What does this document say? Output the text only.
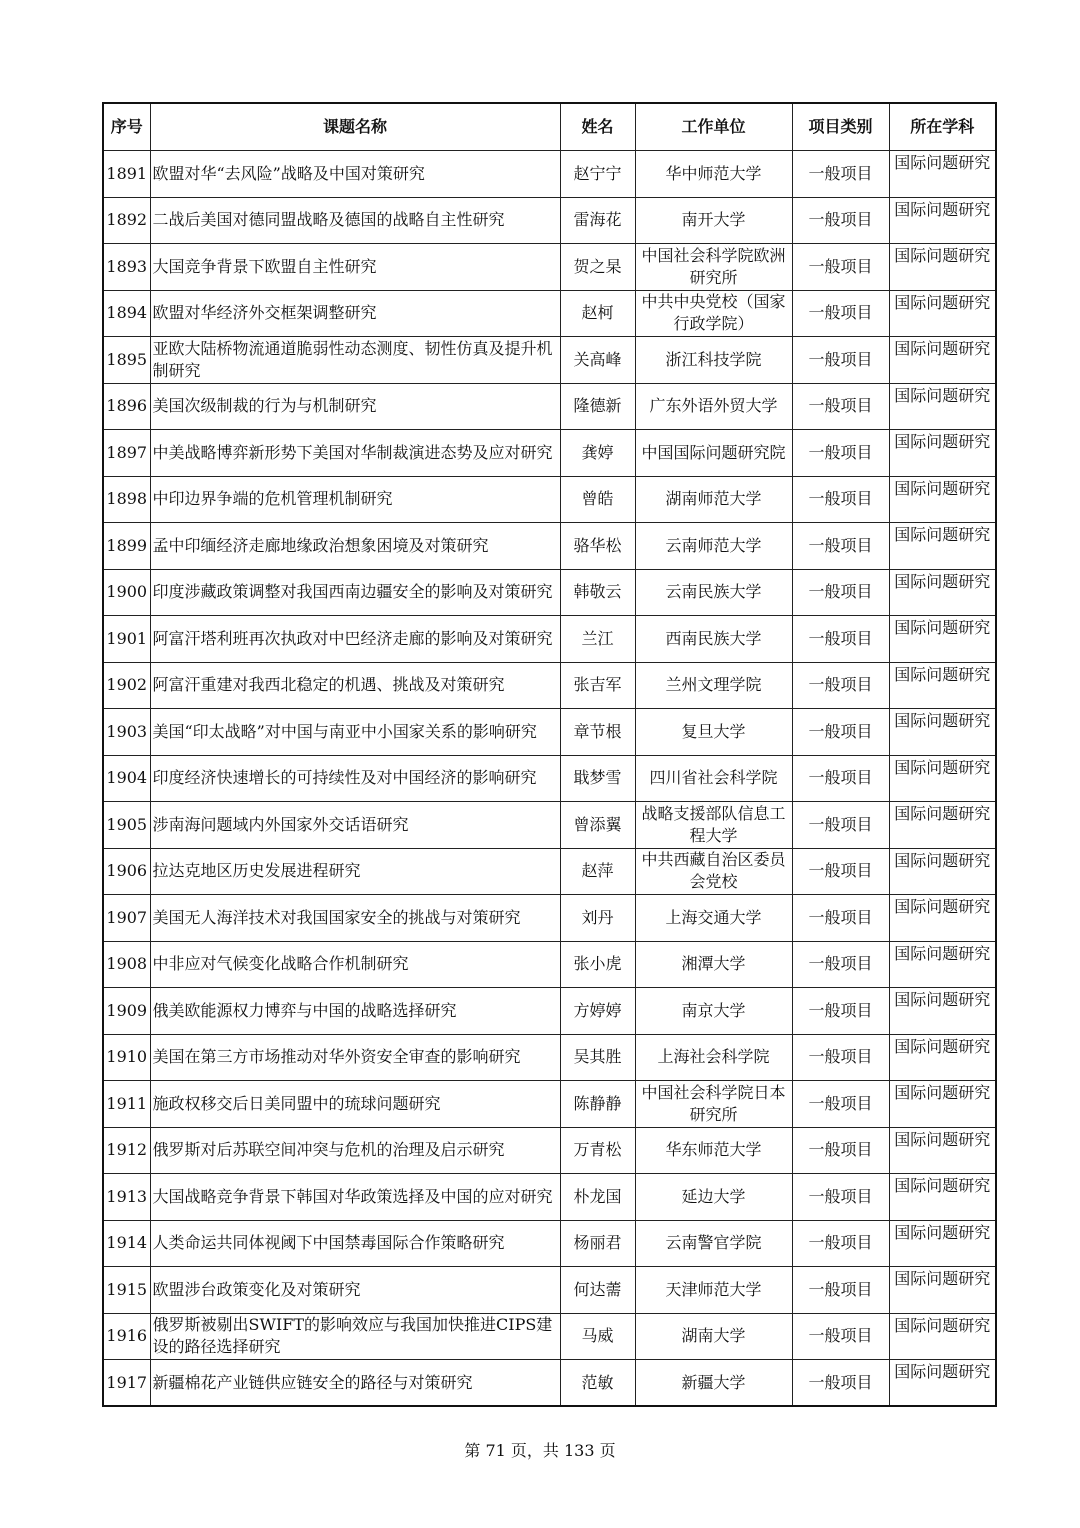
序号	课题名称	姓名	工作单位	项目类别	所在学科
1891	欧盟对华“去风险”战略及中国对策研究	赵宁宁	华中师范大学	一般项目	国际问题研究
1892	二战后美国对德同盟战略及德国的战略自主性研究	雷海花	南开大学	一般项目	国际问题研究
1893	大国竞争背景下欧盟自主性研究	贺之杲	中国社会科学院欧洲研究所	一般项目	国际问题研究
1894	欧盟对华经济外交框架调整研究	赵柯	中共中央党校（国家行政学院）	一般项目	国际问题研究
1895	亚欧大陆桥物流通道脆弱性动态测度、韧性仿真及提升机制研究	关高峰	浙江科技学院	一般项目	国际问题研究
1896	美国次级制裁的行为与机制研究	隆德新	广东外语外贸大学	一般项目	国际问题研究
1897	中美战略博弈新形势下美国对华制裁演进态势及应对研究	龚婷	中国国际问题研究院	一般项目	国际问题研究
1898	中印边界争端的危机管理机制研究	曾皓	湖南师范大学	一般项目	国际问题研究
1899	孟中印缅经济走廊地缘政治想象困境及对策研究	骆华松	云南师范大学	一般项目	国际问题研究
1900	印度涉藏政策调整对我国西南边疆安全的影响及对策研究	韩敬云	云南民族大学	一般项目	国际问题研究
1901	阿富汗塔利班再次执政对中巴经济走廊的影响及对策研究	兰江	西南民族大学	一般项目	国际问题研究
1902	阿富汗重建对我西北稳定的机遇、挑战及对策研究	张吉军	兰州文理学院	一般项目	国际问题研究
1903	美国“印太战略”对中国与南亚中小国家关系的影响研究	章节根	复旦大学	一般项目	国际问题研究
1904	印度经济快速增长的可持续性及对中国经济的影响研究	戢梦雪	四川省社会科学院	一般项目	国际问题研究
1905	涉南海问题域内外国家外交话语研究	曾添翼	战略支援部队信息工程大学	一般项目	国际问题研究
1906	拉达克地区历史发展进程研究	赵萍	中共西藏自治区委员会党校	一般项目	国际问题研究
1907	美国无人海洋技术对我国国家安全的挑战与对策研究	刘丹	上海交通大学	一般项目	国际问题研究
1908	中非应对气候变化战略合作机制研究	张小虎	湘潭大学	一般项目	国际问题研究
1909	俄美欧能源权力博弈与中国的战略选择研究	方婷婷	南京大学	一般项目	国际问题研究
1910	美国在第三方市场推动对华外资安全审查的影响研究	吴其胜	上海社会科学院	一般项目	国际问题研究
1911	施政权移交后日美同盟中的琉球问题研究	陈静静	中国社会科学院日本研究所	一般项目	国际问题研究
1912	俄罗斯对后苏联空间冲突与危机的治理及启示研究	万青松	华东师范大学	一般项目	国际问题研究
1913	大国战略竞争背景下韩国对华政策选择及中国的应对研究	朴龙国	延边大学	一般项目	国际问题研究
1914	人类命运共同体视阈下中国禁毒国际合作策略研究	杨丽君	云南警官学院	一般项目	国际问题研究
1915	欧盟涉台政策变化及对策研究	何达薷	天津师范大学	一般项目	国际问题研究
1916	俄罗斯被剔出SWIFT的影响效应与我国加快推进CIPS建设的路径选择研究	马威	湖南大学	一般项目	国际问题研究
1917	新疆棉花产业链供应链安全的路径与对策研究	范敏	新疆大学	一般项目	国际问题研究
第 71 页，共 133 页
